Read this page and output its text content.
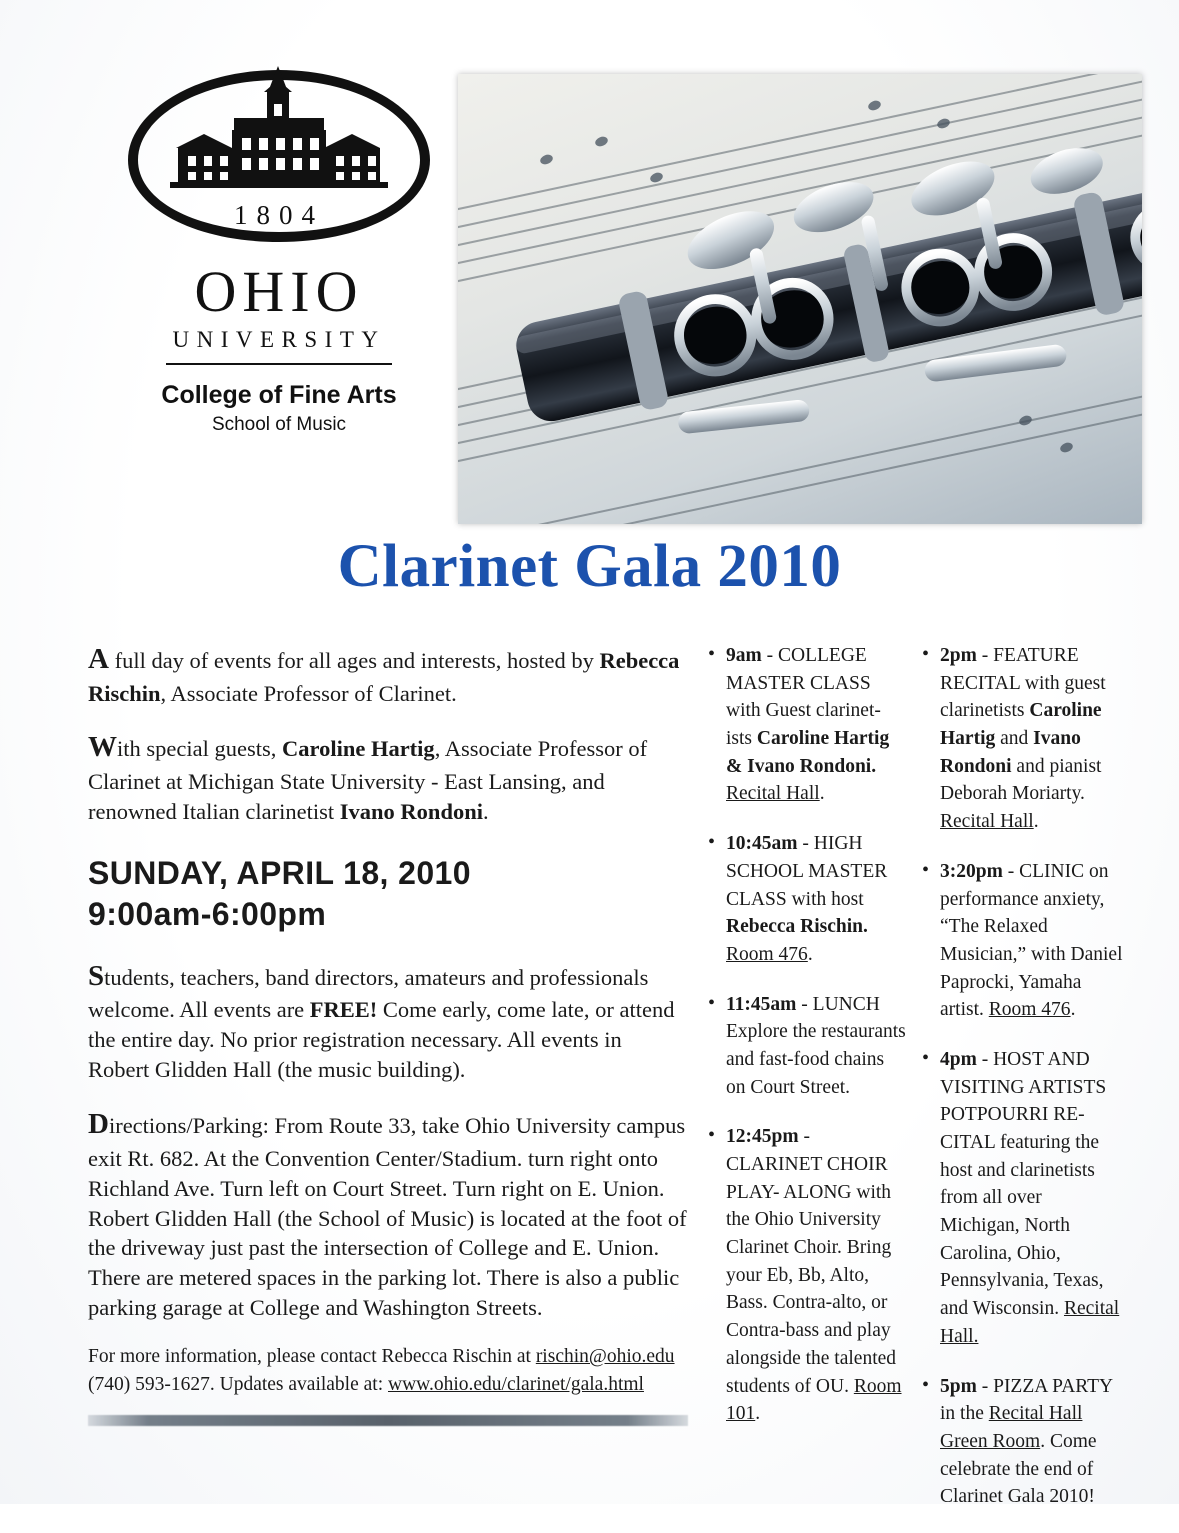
1804
OHIO
UNIVERSITY
College of Fine Arts
School of Music
Clarinet Gala 2010

A full day of events for all ages and interests, hosted by Rebecca Rischin, Associate Professor of Clarinet.

With special guests, Caroline Hartig, Associate Professor of Clarinet at Michigan State University - East Lansing, and renowned Italian clarinetist Ivano Rondoni.

SUNDAY, APRIL 18, 2010
9:00am-6:00pm

Students, teachers, band directors, amateurs and professionals welcome. All events are FREE! Come early, come late, or attend the entire day. No prior registration necessary. All events in Robert Glidden Hall (the music building).

Directions/Parking: From Route 33, take Ohio University campus exit Rt. 682. At the Convention Center/Stadium. turn right onto Richland Ave. Turn left on Court Street. Turn right on E. Union. Robert Glidden Hall (the School of Music) is located at the foot of the driveway just past the intersection of College and E. Union. There are metered spaces in the parking lot. There is also a public parking garage at College and Washington Streets.

For more information, please contact Rebecca Rischin at rischin@ohio.edu
(740) 593-1627. Updates available at: www.ohio.edu/clarinet/gala.html

• 9am - COLLEGE MASTER CLASS with Guest clarinet-ists Caroline Hartig & Ivano Rondoni. Recital Hall.
• 10:45am - HIGH SCHOOL MASTER CLASS with host Rebecca Rischin. Room 476.
• 11:45am - LUNCH Explore the restaurants and fast-food chains on Court Street.
• 12:45pm - CLARINET CHOIR PLAY- ALONG with the Ohio University Clarinet Choir. Bring your Eb, Bb, Alto, Bass. Contra-alto, or Contra-bass and play alongside the talented students of OU. Room 101.
• 2pm - FEATURE RECITAL with guest clarinetists Caroline Hartig and Ivano Rondoni and pianist Deborah Moriarty. Recital Hall.
• 3:20pm - CLINIC on performance anxiety, “The Relaxed Musician,” with Daniel Paprocki, Yamaha artist. Room 476.
• 4pm - HOST AND VISITING ARTISTS POTPOURRI RE-CITAL featuring the host and clarinetists from all over Michigan, North Carolina, Ohio, Pennsylvania, Texas, and Wisconsin. Recital Hall.
• 5pm - PIZZA PARTY in the Recital Hall Green Room. Come celebrate the end of Clarinet Gala 2010!
